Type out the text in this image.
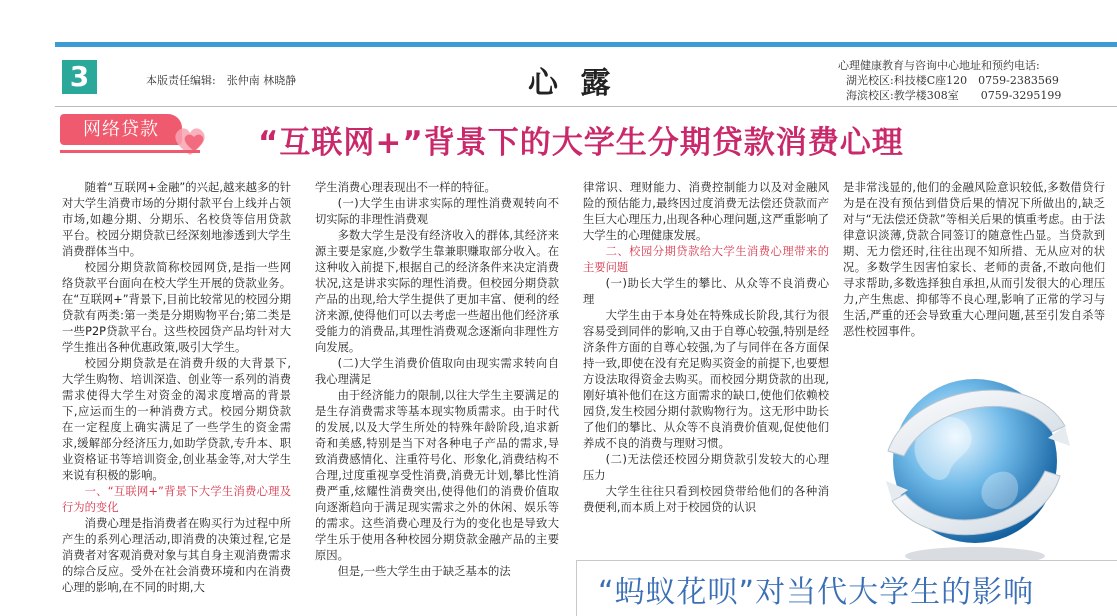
3	本版责任编辑:　张仲南 林晓静	心 露
心理健康教育与咨询中心地址和预约电话:
湖光校区:科技楼C座120　0759-2383569
海滨校区:教学楼308室　　0759-3295199
网络贷款	“互联网+”背景下的大学生分期贷款消费心理

随着“互联网+金融”的兴起,越来越多的针对大学生消费市场的分期付款平台上线并占领市场,如趣分期、分期乐、名校贷等信用贷款平台。校园分期贷款已经深刻地渗透到大学生消费群体当中。

校园分期贷款简称校园网贷,是指一些网络贷款平台面向在校大学生开展的贷款业务。在“互联网+”背景下,目前比较常见的校园分期贷款有两类:第一类是分期购物平台;第二类是一些P2P贷款平台。这些校园贷产品均针对大学生推出各种优惠政策,吸引大学生。

校园分期贷款是在消费升级的大背景下,大学生购物、培训深造、创业等一系列的消费需求使得大学生对资金的渴求度增高的背景下,应运而生的一种消费方式。校园分期贷款在一定程度上确实满足了一些学生的资金需求,缓解部分经济压力,如助学贷款,专升本、职业资格证书等培训资金,创业基金等,对大学生来说有积极的影响。

一、“互联网+”背景下大学生消费心理及行为的变化

消费心理是指消费者在购买行为过程中所产生的系列心理活动,即消费的决策过程,它是消费者对客观消费对象与其自身主观消费需求的综合反应。受外在社会消费环境和内在消费心理的影响,在不同的时期,大

学生消费心理表现出不一样的特征。

(一)大学生由讲求实际的理性消费观转向不切实际的非理性消费观

多数大学生是没有经济收入的群体,其经济来源主要是家庭,少数学生靠兼职赚取部分收入。在这种收入前提下,根据自己的经济条件来决定消费状况,这是讲求实际的理性消费。但校园分期贷款产品的出现,给大学生提供了更加丰富、便利的经济来源,使得他们可以去考虑一些超出他们经济承受能力的消费品,其理性消费观念逐渐向非理性方向发展。

(二)大学生消费价值取向由现实需求转向自我心理满足

由于经济能力的限制,以往大学生主要满足的是生存消费需求等基本现实物质需求。由于时代的发展,以及大学生所处的特殊年龄阶段,追求新奇和美感,特别是当下对各种电子产品的需求,导致消费感情化、注重符号化、形象化,消费结构不合理,过度重视享受性消费,消费无计划,攀比性消费严重,炫耀性消费突出,使得他们的消费价值取向逐渐趋向于满足现实需求之外的休闲、娱乐等的需求。这些消费心理及行为的变化也是导致大学生乐于使用各种校园分期贷款金融产品的主要原因。

但是,一些大学生由于缺乏基本的法

律常识、理财能力、消费控制能力以及对金融风险的预估能力,最终因过度消费无法偿还贷款而产生巨大心理压力,出现各种心理问题,这严重影响了大学生的心理健康发展。

二、校园分期贷款给大学生消费心理带来的主要问题

(一)助长大学生的攀比、从众等不良消费心理

大学生由于本身处在特殊成长阶段,其行为很容易受到同伴的影响,又由于自尊心较强,特别是经济条件方面的自尊心较强,为了与同伴在各方面保持一致,即使在没有充足购买资金的前提下,也要想方设法取得资金去购买。而校园分期贷款的出现,刚好填补他们在这方面需求的缺口,使他们依赖校园贷,发生校园分期付款购物行为。这无形中助长了他们的攀比、从众等不良消费价值观,促使他们养成不良的消费与理财习惯。

(二)无法偿还校园分期贷款引发较大的心理压力

大学生往往只看到校园贷带给他们的各种消费便利,而本质上对于校园贷的认识

是非常浅显的,他们的金融风险意识较低,多数借贷行为是在没有预估到借贷后果的情况下所做出的,缺乏对与“无法偿还贷款”等相关后果的慎重考虑。由于法律意识淡薄,贷款合同签订的随意性凸显。当贷款到期、无力偿还时,往往出现不知所措、无从应对的状况。多数学生因害怕家长、老师的责备,不敢向他们寻求帮助,多数选择独自承担,从而引发很大的心理压力,产生焦虑、抑郁等不良心理,影响了正常的学习与生活,严重的还会导致重大心理问题,甚至引发自杀等恶性校园事件。

“蚂蚁花呗”对当代大学生的影响
